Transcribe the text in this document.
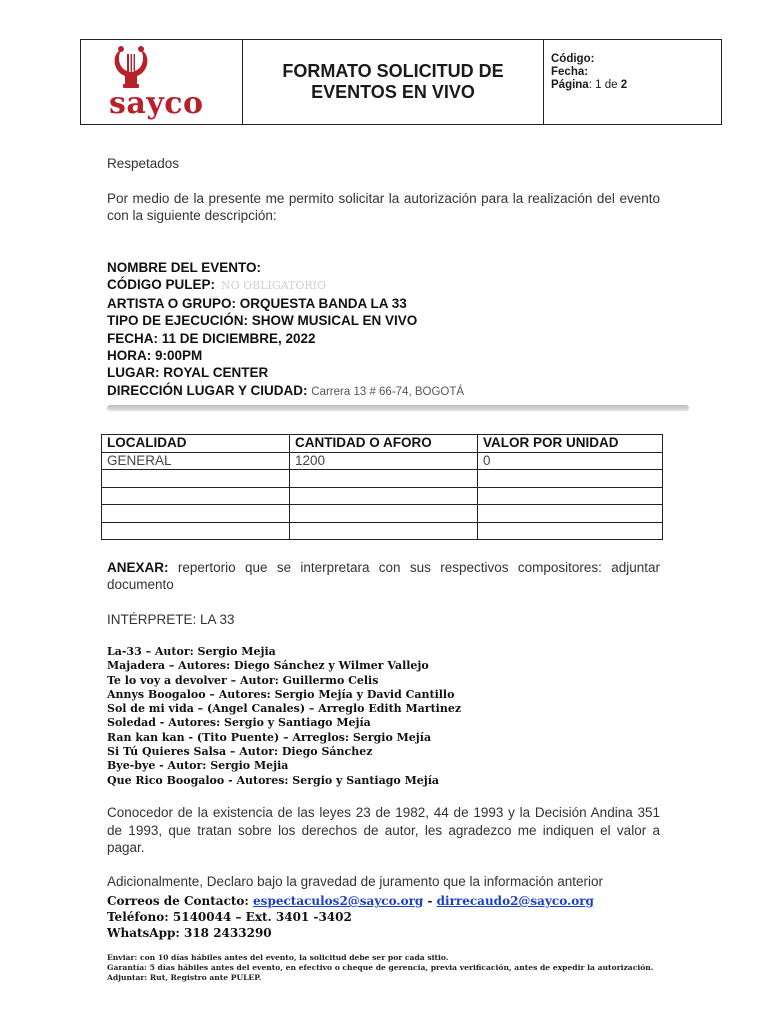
sayco
FORMATO SOLICITUD DE
EVENTOS EN VIVO
Código:
Fecha:
Página: 1 de 2
Respetados
Por medio de la presente me permito solicitar la autorización para la realización del evento con la siguiente descripción:
NOMBRE DEL EVENTO:
CÓDIGO PULEP: NO OBLIGATORIO
ARTISTA O GRUPO: ORQUESTA BANDA LA 33
TIPO DE EJECUCIÓN: SHOW MUSICAL EN VIVO
FECHA: 11 DE DICIEMBRE, 2022
HORA: 9:00PM
LUGAR: ROYAL CENTER
DIRECCIÓN LUGAR Y CIUDAD: Carrera 13 # 66-74, BOGOTÁ
LOCALIDAD	CANTIDAD O AFORO	VALOR POR UNIDAD
GENERAL	1200	0

ANEXAR: repertorio que se interpretara con sus respectivos compositores: adjuntar documento
INTÉRPRETE: LA 33
La-33 – Autor: Sergio Mejia
Majadera – Autores: Diego Sánchez y Wilmer Vallejo
Te lo voy a devolver – Autor: Guillermo Celis
Annys Boogaloo – Autores: Sergio Mejía y David Cantillo
Sol de mi vida – (Angel Canales) – Arreglo Edith Martinez
Soledad - Autores: Sergio y Santiago Mejía
Ran kan kan - (Tito Puente) – Arreglos: Sergio Mejía
Si Tú Quieres Salsa – Autor: Diego Sánchez
Bye-bye - Autor: Sergio Mejia
Que Rico Boogaloo - Autores: Sergio y Santiago Mejía
Conocedor de la existencia de las leyes 23 de 1982, 44 de 1993 y la Decisión Andina 351 de 1993, que tratan sobre los derechos de autor, les agradezco me indiquen el valor a pagar.
Adicionalmente, Declaro bajo la gravedad de juramento que la información anterior
Correos de Contacto: espectaculos2@sayco.org - dirrecaudo2@sayco.org
Teléfono: 5140044 – Ext. 3401 -3402
WhatsApp: 318 2433290
Enviar: con 10 días hábiles antes del evento, la solicitud debe ser por cada sitio.
Garantía: 5 días hábiles antes del evento, en efectivo o cheque de gerencia, previa verificación, antes de expedir la autorización.
Adjuntar: Rut, Registro ante PULEP.
